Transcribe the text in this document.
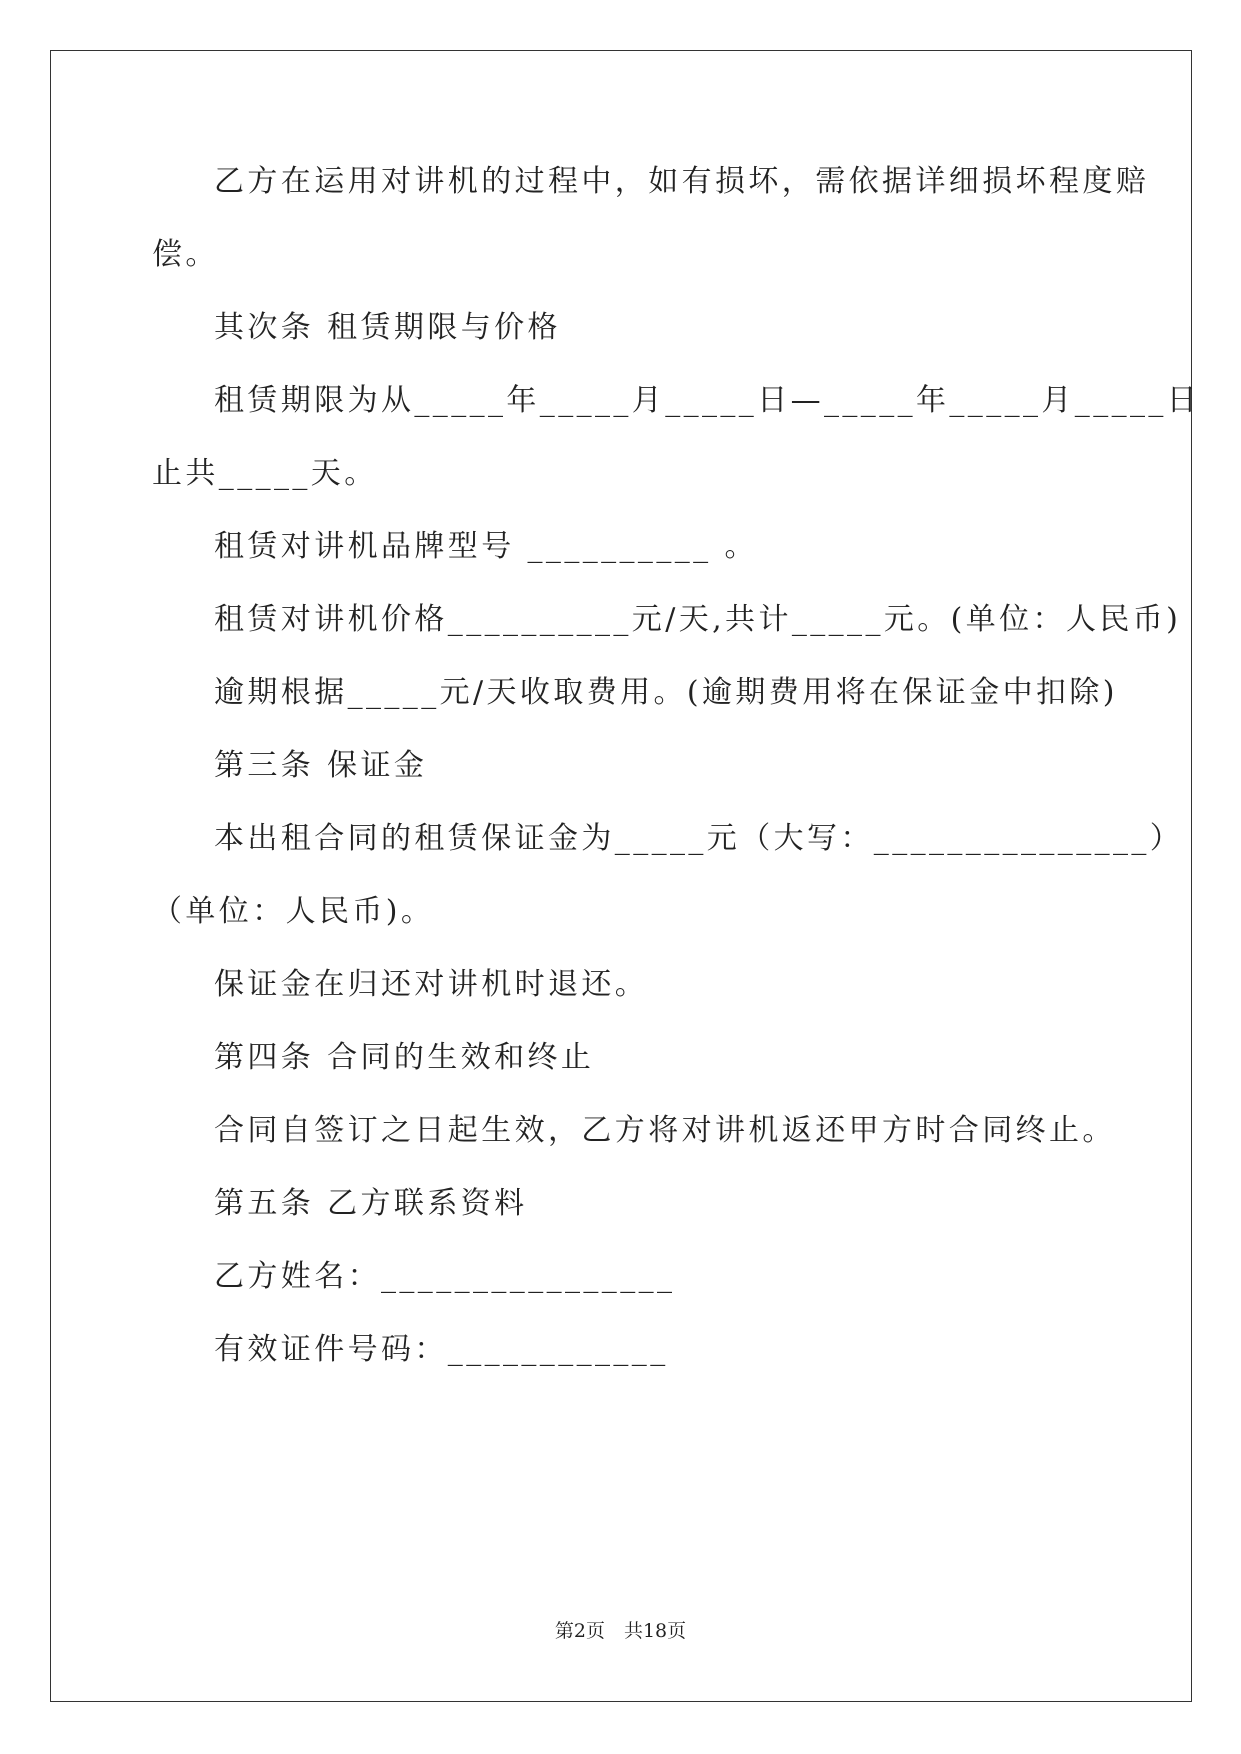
乙方在运用对讲机的过程中，如有损坏，需依据详细损坏程度赔
偿。
其次条 租赁期限与价格
租赁期限为从_____年_____月_____日—_____年_____月_____日
止共_____天。
租赁对讲机品牌型号 __________ 。
租赁对讲机价格__________元/天,共计_____元。(单位：人民币)
逾期根据_____元/天收取费用。(逾期费用将在保证金中扣除)
第三条 保证金
本出租合同的租赁保证金为_____元（大写：_______________）
（单位：人民币)。
保证金在归还对讲机时退还。
第四条 合同的生效和终止
合同自签订之日起生效，乙方将对讲机返还甲方时合同终止。
第五条 乙方联系资料
乙方姓名：________________
有效证件号码：____________
第2页　共18页
